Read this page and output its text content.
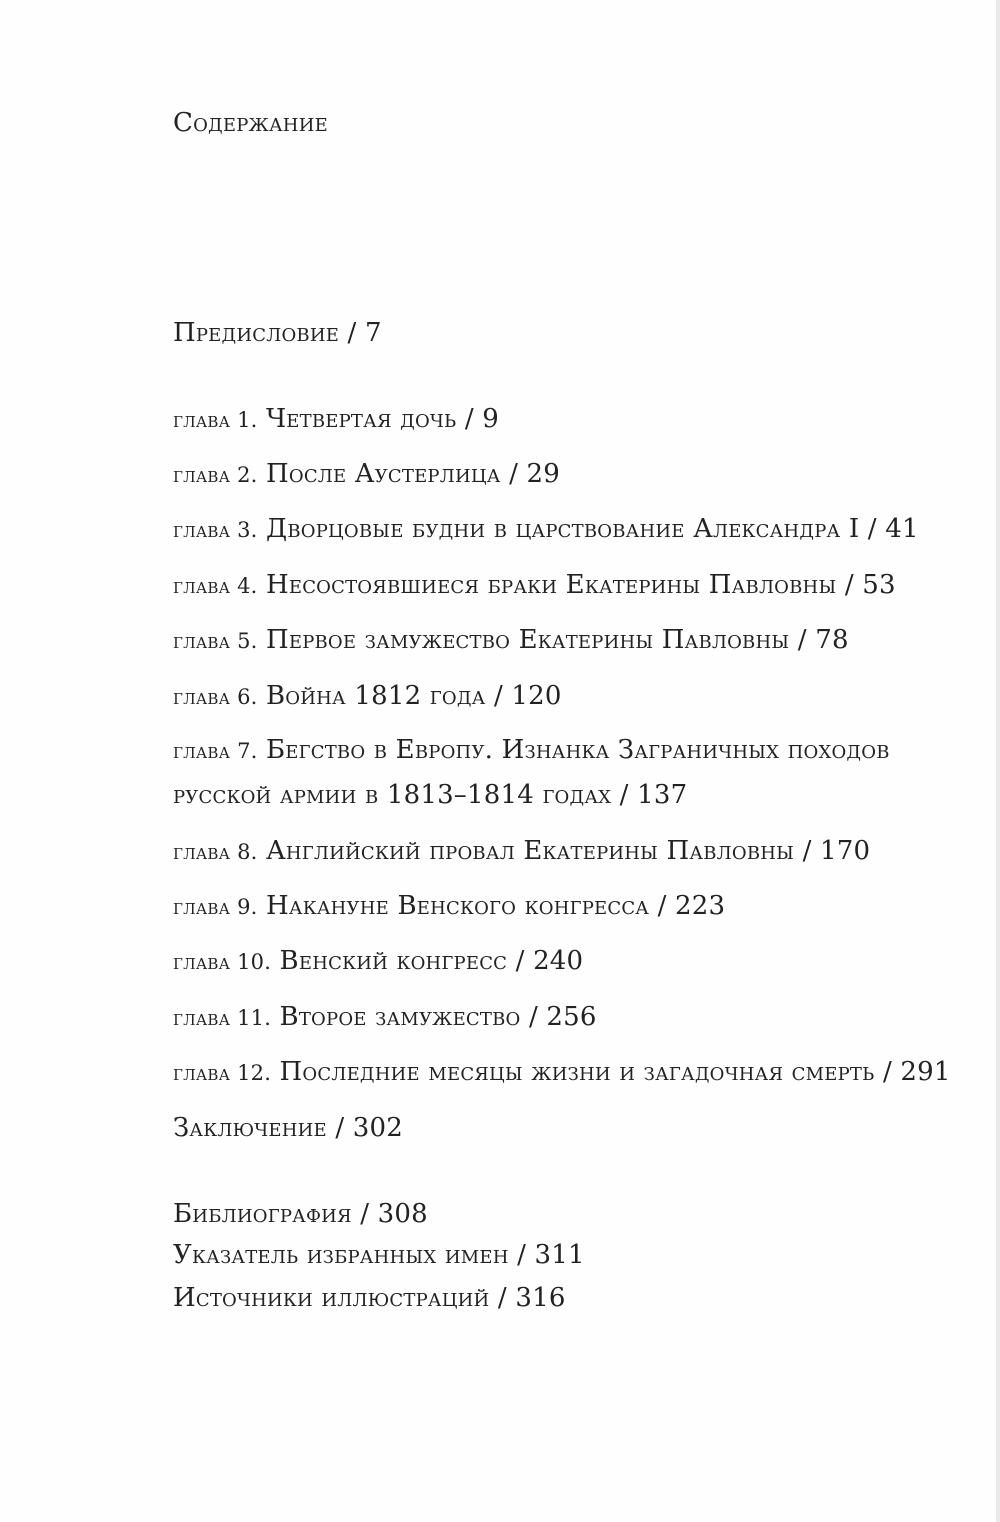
Содержание
Предисловие / 7
глава 1. Четвертая дочь / 9
глава 2. После Аустерлица / 29
глава 3. Дворцовые будни в царствование Александра I / 41
глава 4. Несостоявшиеся браки Екатерины Павловны / 53
глава 5. Первое замужество Екатерины Павловны / 78
глава 6. Война 1812 года / 120
глава 7. Бегство в Европу. Изнанка Заграничных походов
русской армии в 1813–1814 годах / 137
глава 8. Английский провал Екатерины Павловны / 170
глава 9. Накануне Венского конгресса / 223
глава 10. Венский конгресс / 240
глава 11. Второе замужество / 256
глава 12. Последние месяцы жизни и загадочная смерть / 291
Заключение / 302
Библиография / 308
Указатель избранных имен / 311
Источники иллюстраций / 316
